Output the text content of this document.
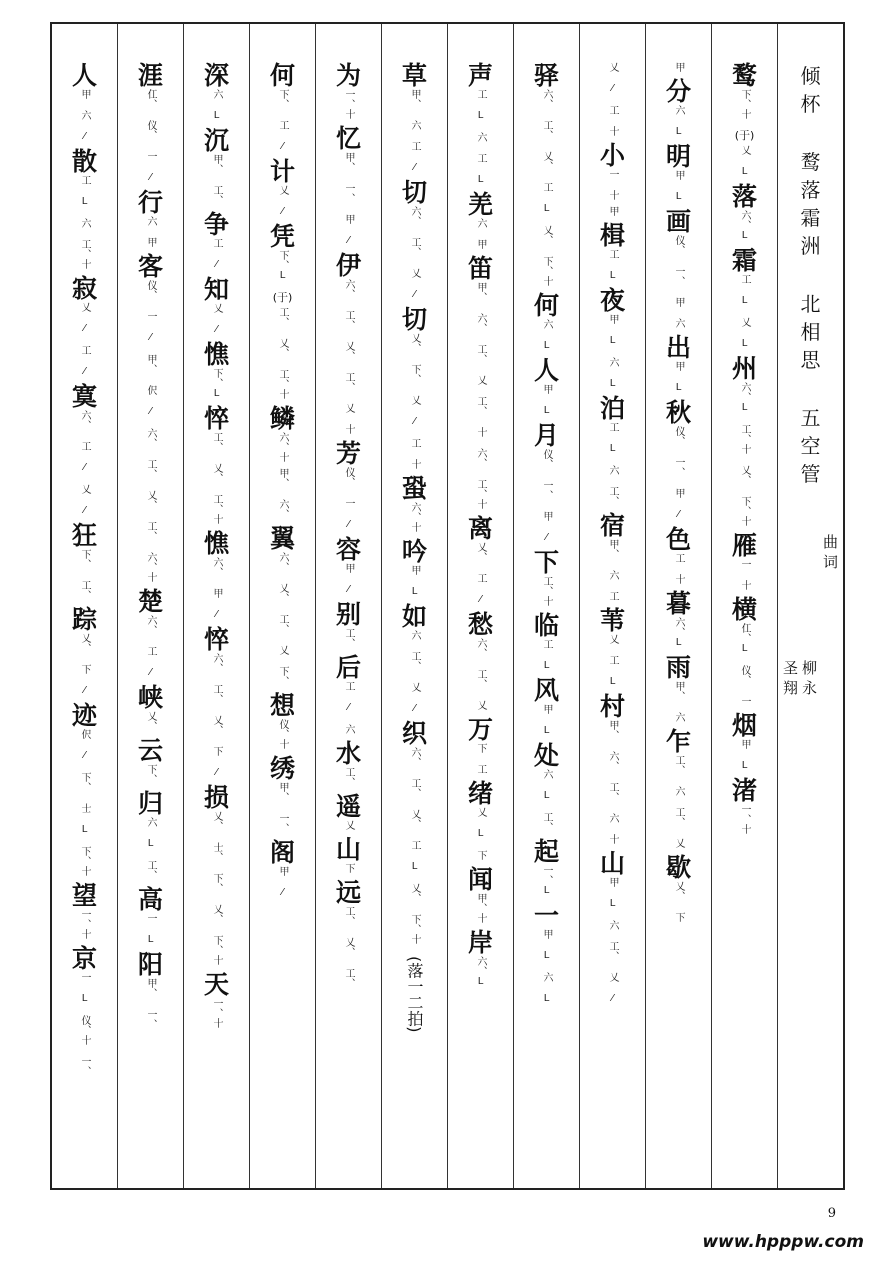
倾
杯
鹜
落
霜
洲
北
相
思
五
空
管
曲
词
柳
永
圣
翔
鹜
下、十
(于)
乂 L
落
六、L
霜
工 L 乂 L
州
六、L 工、十 乂、 下、十
雁
一 十
横
仜、L 仪、 一
烟
甲 L
渚
一、十
甲
分
六 L
明
甲 L
画
仪、 一、 甲 六
出
甲 L
秋
仪、 一、 甲 ⁄
色
工 十
暮
六、L
雨
甲、 六
乍
工、 六 工、 乂
歇
乂、 下
乂 ⁄ 工 十
小
一 十
甲
楫
工 L
夜
甲 L 六 L
泊
工 L 六 工、
宿
甲、 六 工
苇
乂 工 L
村
甲、 六、 工、 六 十
山
甲 L 六 工、 乂 ⁄
驿
六、 工、 乂、 工 L 乂、 下、十
何
六 L
人
甲 L
月
仪、 一、 甲 ⁄
下
工、十
临
工 L
风
甲 L
处
六 L 工、
起
一、L
一
甲 L 六 L
声
工 L 六 工 L
羌
六 甲
笛
甲、 六、 工、 乂 工、 十 六、 工、十
离
乂、 工 ⁄
愁
六、 工、 乂
万
下 工
绪
乂 L 下
闻
甲、十
岸
六、L
草
甲、 六 工 ⁄
切
六、 工、 乂 ⁄
切
乂、 下、 乂 ⁄ 工 十
蛩
六、十
吟
甲 L
如
六 工、 乂 ⁄
织
六、 工、 乂、 工 L 乂、 下、十
(落一二拍)
为
一、十
忆
甲、 一、 甲 ⁄
伊
六、 工、 乂、 工、 乂 十
芳
仪、 一 ⁄
容
甲 ⁄
别
工、
后
工 ⁄ 六
水
工、
遥
乂
山
下
远
工、 乂、 工、
何
下、 工 ⁄
计
乂 ⁄
凭
下、L
(于)
工、 乂、 工、十
鳞
六、十
甲、 六、
翼
六、 乂、 工、 乂 下、
想
仪、十
绣
甲、 一、
阁
甲 ⁄
深
六 L
沉
甲、 工、
争
工 ⁄
知
乂 ⁄
憔
下、L
悴
工、 乂、 工、十
憔
六、 甲 ⁄
悴
六、 工、 乂、 下 ⁄
损
乂、 士、 下、 乂、 下、十
天
一、十
涯
仜、 仪、 一 ⁄
行
六 甲
客
仪、 一 ⁄ 甲、 伬 ⁄ 六、 工、 乂、 工、 六、十
楚
六、 工 ⁄
峡
乂、
云
下、
归
六 L 工、
高
一 L
阳
甲、 一、
人
甲 六 ⁄
散
工 L 六 工、十
寂
乂 ⁄ 工 ⁄
寞
六、 工 ⁄ 乂 ⁄
狂
下、 工、
踪
乂、 下 ⁄
迹
伬 ⁄ 下、 士 L 下、十
望
一、十
京
一 L 仪、十 一、
9
www.hpppw.com
